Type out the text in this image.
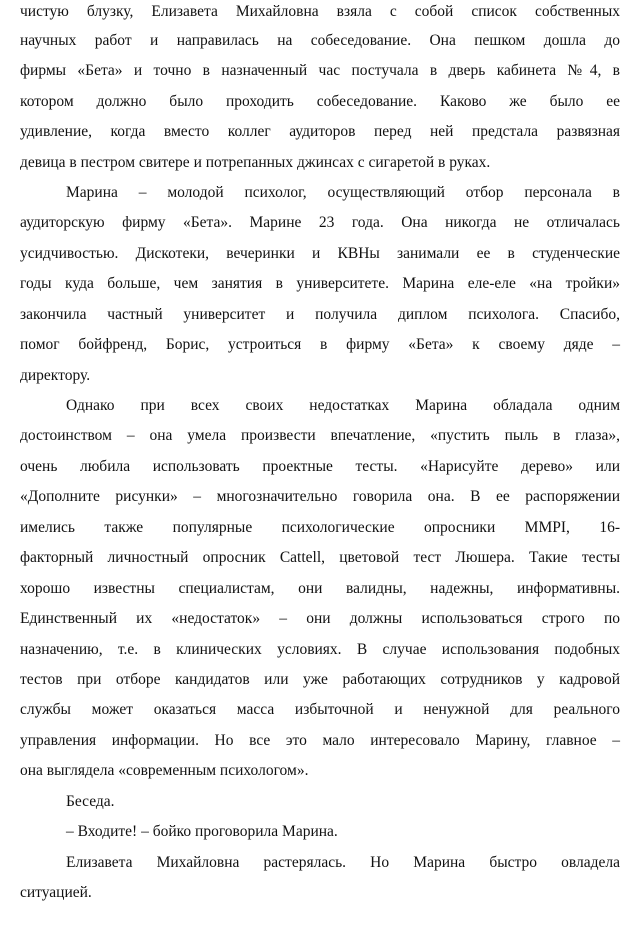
чистую блузку, Елизавета Михайловна взяла с собой список собственных
научных работ и направилась на собеседование. Она пешком дошла до
фирмы «Бета» и точно в назначенный час постучала в дверь кабинета №4, в
котором должно было проходить собеседование. Каково же было ее
удивление, когда вместо коллег аудиторов перед ней предстала развязная
девица в пестром свитере и потрепанных джинсах с сигаретой в руках.
Марина – молодой психолог, осуществляющий отбор персонала в
аудиторскую фирму «Бета». Марине 23 года. Она никогда не отличалась
усидчивостью. Дискотеки, вечеринки и КВНы занимали ее в студенческие
годы куда больше, чем занятия в университете. Марина еле-еле «на тройки»
закончила частный университет и получила диплом психолога. Спасибо,
помог бойфренд, Борис, устроиться в фирму «Бета» к своему дяде –
директору.
Однако при всех своих недостатках Марина обладала одним
достоинством – она умела произвести впечатление, «пустить пыль в глаза»,
очень любила использовать проектные тесты. «Нарисуйте дерево» или
«Дополните рисунки» – многозначительно говорила она. В ее распоряжении
имелись также популярные психологические опросники MMPI, 16-
факторный личностный опросник Cattell, цветовой тест Люшера. Такие тесты
хорошо известны специалистам, они валидны, надежны, информативны.
Единственный их «недостаток» – они должны использоваться строго по
назначению, т.е. в клинических условиях. В случае использования подобных
тестов при отборе кандидатов или уже работающих сотрудников у кадровой
службы может оказаться масса избыточной и ненужной для реального
управления информации. Но все это мало интересовало Марину, главное –
она выглядела «современным психологом».
Беседа.
– Входите! – бойко проговорила Марина.
Елизавета Михайловна растерялась. Но Марина быстро овладела
ситуацией.
